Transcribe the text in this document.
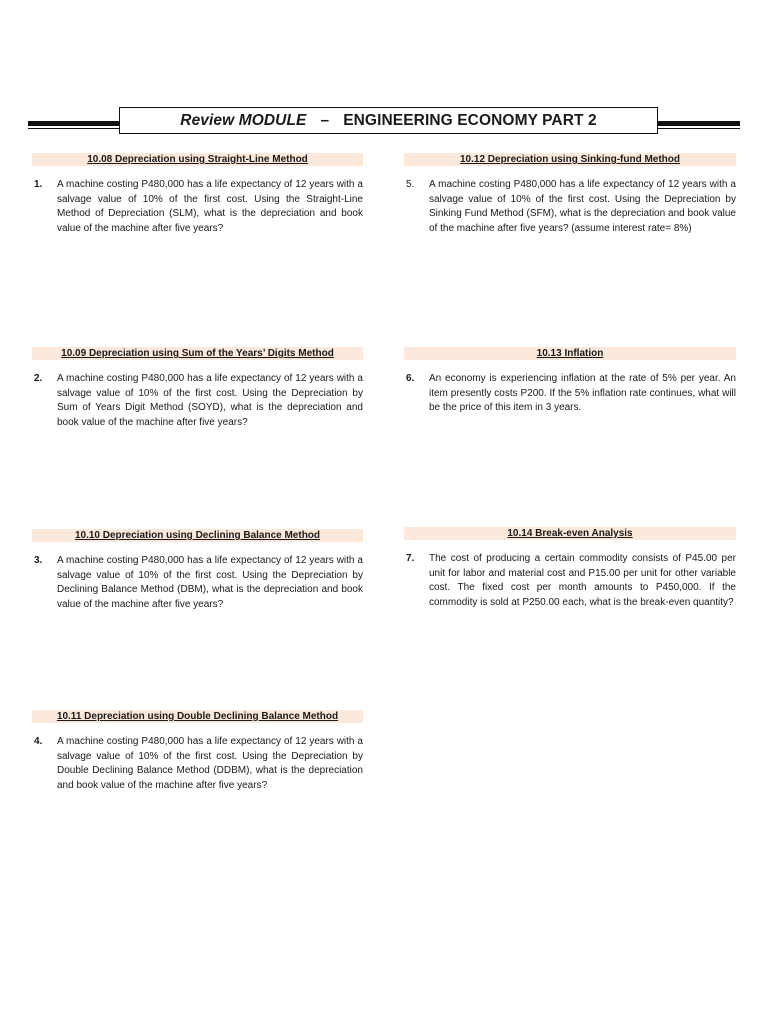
Review MODULE – ENGINEERING ECONOMY PART 2
10.08 Depreciation using Straight-Line Method
1.	A machine costing P480,000 has a life expectancy of 12 years with a salvage value of 10% of the first cost. Using the Straight-Line Method of Depreciation (SLM), what is the depreciation and book value of the machine after five years?
10.09 Depreciation using Sum of the Years’ Digits Method
2.	A machine costing P480,000 has a life expectancy of 12 years with a salvage value of 10% of the first cost. Using the Depreciation by Sum of Years Digit Method (SOYD), what is the depreciation and book value of the machine after five years?
10.10 Depreciation using Declining Balance Method
3.	A machine costing P480,000 has a life expectancy of 12 years with a salvage value of 10% of the first cost. Using the Depreciation by Declining Balance Method (DBM), what is the depreciation and book value of the machine after five years?
10.11 Depreciation using Double Declining Balance Method
4.	A machine costing P480,000 has a life expectancy of 12 years with a salvage value of 10% of the first cost. Using the Depreciation by Double Declining Balance Method (DDBM), what is the depreciation and book value of the machine after five years?
10.12 Depreciation using Sinking-fund Method
5.	A machine costing P480,000 has a life expectancy of 12 years with a salvage value of 10% of the first cost. Using the Depreciation by Sinking Fund Method (SFM), what is the depreciation and book value of the machine after five years? (assume interest rate= 8%)
10.13 Inflation
6.	An economy is experiencing inflation at the rate of 5% per year. An item presently costs P200. If the 5% inflation rate continues, what will be the price of this item in 3 years.
10.14 Break-even Analysis
7.	The cost of producing a certain commodity consists of P45.00 per unit for labor and material cost and P15.00 per unit for other variable cost. The fixed cost per month amounts to P450,000. If the commodity is sold at P250.00 each, what is the break-even quantity?
